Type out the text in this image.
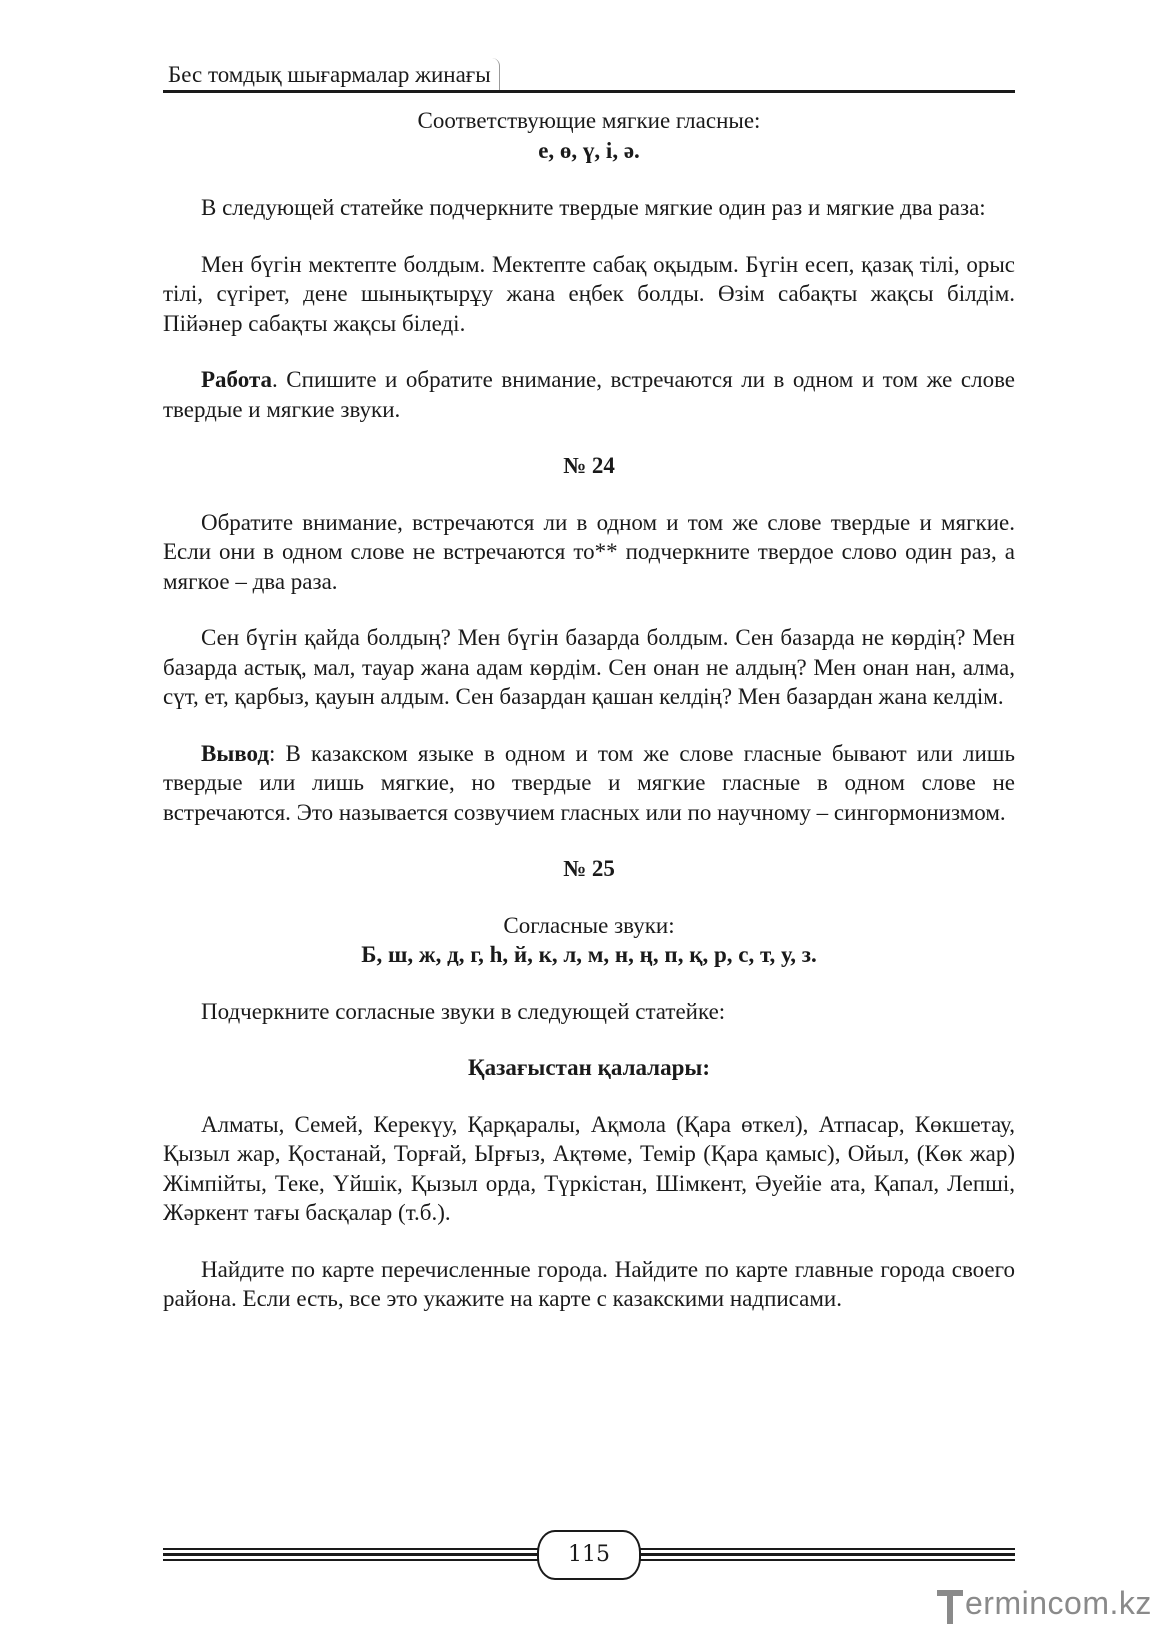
Бес томдық шығармалар жинағы

Соответствующие мягкие гласные:

е, ө, ү, і, ә.

В следующей статейке подчеркните твердые мягкие один раз и мягкие два раза:

Мен бүгін мектепте болдым. Мектепте сабақ оқыдым. Бүгін есеп, қазақ тілі, орыс тілі, сүгірет, дене шынықтырұу жана еңбек болды. Өзім сабақты жақсы білдім. Пійәнер сабақты жақсы біледі.

Работа. Спишите и обратите внимание, встречаются ли в одном и том же слове твердые и мягкие звуки.

№ 24

Обратите внимание, встречаются ли в одном и том же слове твердые и мягкие. Если они в одном слове не встречаются то** подчеркните твердое слово один раз, а мягкое – два раза.

Сен бүгін қайда болдың? Мен бүгін базарда болдым. Сен базарда не көрдің? Мен базарда астық, мал, тауар жана адам көрдім. Сен онан не алдың? Мен онан нан, алма, сүт, ет, қарбыз, қауын алдым. Сен базардан қашан келдің? Мен базардан жана келдім.

Вывод: В казакском языке в одном и том же слове гласные бывают или лишь твердые или лишь мягкие, но твердые и мягкие гласные в одном слове не встречаются. Это называется созвучием гласных или по научному – сингормонизмом.

№ 25

Согласные звуки:

Б, ш, ж, д, г, һ, й, к, л, м, н, ң, п, қ, р, с, т, у, з.

Подчеркните согласные звуки в следующей статейке:

Қазағыстан қалалары:

Алматы, Семей, Керекүу, Қарқаралы, Ақмола (Қара өткел), Атпасар, Көкшетау, Қызыл жар, Қостанай, Торғай, Ырғыз, Ақтөме, Темір (Қара қамыс), Ойыл, (Көк жар) Жімпійты, Теке, Үйшік, Қызыл орда, Түркістан, Шімкент, Әуейіе ата, Қапал, Лепші, Жәркент тағы басқалар (т.б.).

Найдите по карте перечисленные города. Найдите по карте главные города своего района. Если есть, все это укажите на карте с казакскими надписами.

115
ermincom.kz
